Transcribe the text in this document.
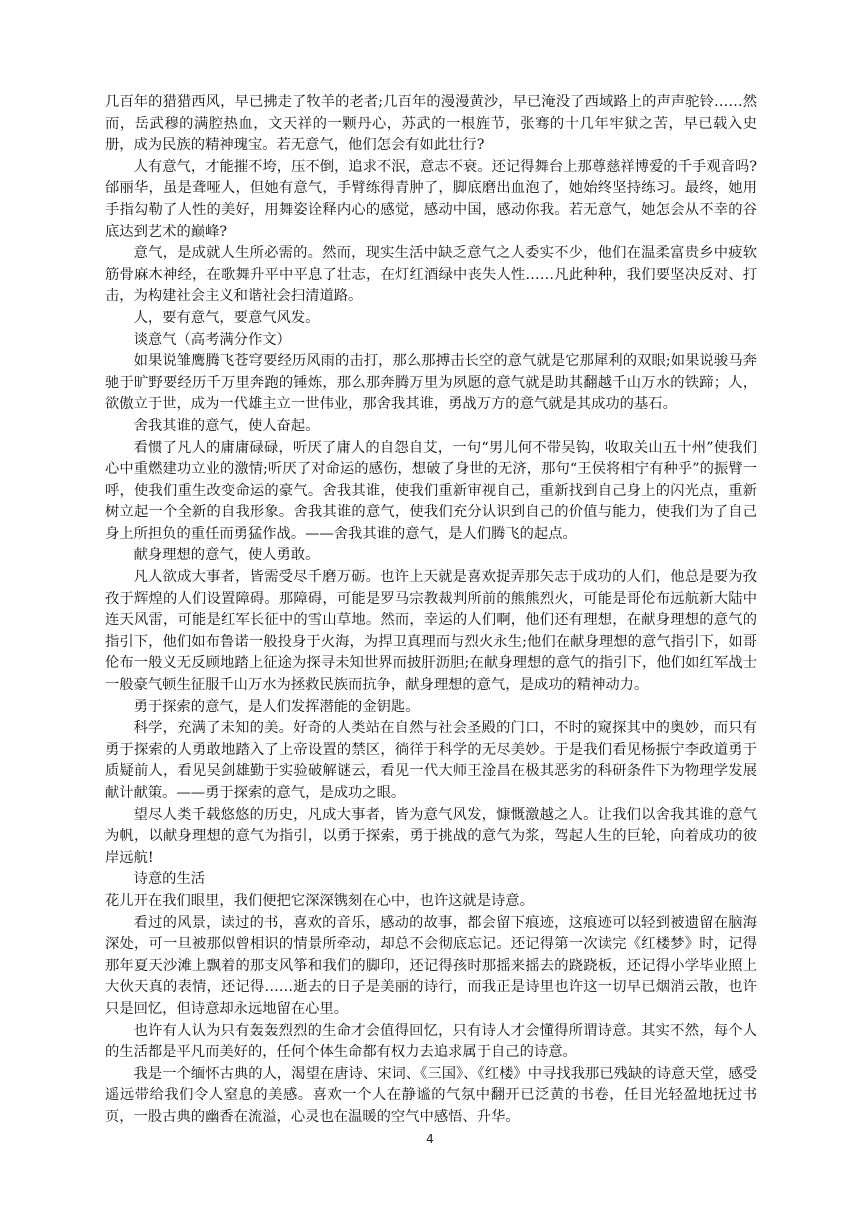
几百年的猎猎西风，早已拂走了牧羊的老者;几百年的漫漫黄沙，早已淹没了西域路上的声声驼铃……然而，岳武穆的满腔热血，文天祥的一颗丹心，苏武的一根旌节，张骞的十几年牢狱之苦，早已载入史册，成为民族的精神瑰宝。若无意气，他们怎会有如此壮行?

人有意气，才能摧不垮，压不倒，追求不泯，意志不衰。还记得舞台上那尊慈祥博爱的千手观音吗?邰丽华，虽是聋哑人，但她有意气，手臂练得青肿了，脚底磨出血泡了，她始终坚持练习。最终，她用手指勾勒了人性的美好，用舞姿诠释内心的感觉，感动中国，感动你我。若无意气，她怎会从不幸的谷底达到艺术的巅峰?

意气，是成就人生所必需的。然而，现实生活中缺乏意气之人委实不少，他们在温柔富贵乡中疲软筋骨麻木神经，在歌舞升平中平息了壮志，在灯红酒绿中丧失人性……凡此种种，我们要坚决反对、打击，为构建社会主义和谐社会扫清道路。

人，要有意气，要意气风发。

谈意气（高考满分作文）

如果说雏鹰腾飞苍穹要经历风雨的击打，那么那搏击长空的意气就是它那犀利的双眼;如果说骏马奔驰于旷野要经历千万里奔跑的锤炼，那么那奔腾万里为夙愿的意气就是助其翻越千山万水的铁蹄；人，欲傲立于世，成为一代雄主立一世伟业，那舍我其谁，勇战万方的意气就是其成功的基石。

舍我其谁的意气，使人奋起。

看惯了凡人的庸庸碌碌，听厌了庸人的自怨自艾，一句“男儿何不带吴钩，收取关山五十州”使我们心中重燃建功立业的激情;听厌了对命运的感伤，想破了身世的无济，那句“王侯将相宁有种乎”的振臂一呼，使我们重生改变命运的豪气。舍我其谁，使我们重新审视自己，重新找到自己身上的闪光点，重新树立起一个全新的自我形象。舍我其谁的意气，使我们充分认识到自己的价值与能力，使我们为了自己身上所担负的重任而勇猛作战。——舍我其谁的意气，是人们腾飞的起点。

献身理想的意气，使人勇敢。

凡人欲成大事者，皆需受尽千磨万砺。也许上天就是喜欢捉弄那矢志于成功的人们，他总是要为孜孜于辉煌的人们设置障碍。那障碍，可能是罗马宗教裁判所前的熊熊烈火，可能是哥伦布远航新大陆中连天风雷，可能是红军长征中的雪山草地。然而，幸运的人们啊，他们还有理想，在献身理想的意气的指引下，他们如布鲁诺一般投身于火海，为捍卫真理而与烈火永生;他们在献身理想的意气指引下，如哥伦布一般义无反顾地踏上征途为探寻未知世界而披肝沥胆;在献身理想的意气的指引下，他们如红军战士一般豪气顿生征服千山万水为拯救民族而抗争，献身理想的意气，是成功的精神动力。

勇于探索的意气，是人们发挥潜能的金钥匙。

科学，充满了未知的美。好奇的人类站在自然与社会圣殿的门口，不时的窥探其中的奥妙，而只有勇于探索的人勇敢地踏入了上帝设置的禁区，徜徉于科学的无尽美妙。于是我们看见杨振宁李政道勇于质疑前人，看见吴剑雄勤于实验破解谜云，看见一代大师王淦昌在极其恶劣的科研条件下为物理学发展献计献策。——勇于探索的意气，是成功之眼。

望尽人类千载悠悠的历史，凡成大事者，皆为意气风发，慷慨激越之人。让我们以舍我其谁的意气为帆，以献身理想的意气为指引，以勇于探索，勇于挑战的意气为浆，驾起人生的巨轮，向着成功的彼岸远航!

诗意的生活

花儿开在我们眼里，我们便把它深深镌刻在心中，也许这就是诗意。

看过的风景，读过的书，喜欢的音乐，感动的故事，都会留下痕迹，这痕迹可以轻到被遗留在脑海深处，可一旦被那似曾相识的情景所牵动，却总不会彻底忘记。还记得第一次读完《红楼梦》时，记得那年夏天沙滩上飘着的那支风筝和我们的脚印，还记得孩时那摇来摇去的跷跷板，还记得小学毕业照上大伙天真的表情，还记得……逝去的日子是美丽的诗行，而我正是诗里也许这一切早已烟消云散，也许只是回忆，但诗意却永远地留在心里。

也许有人认为只有轰轰烈烈的生命才会值得回忆，只有诗人才会懂得所谓诗意。其实不然，每个人的生活都是平凡而美好的，任何个体生命都有权力去追求属于自己的诗意。

我是一个缅怀古典的人，渴望在唐诗、宋词、《三国》、《红楼》中寻找我那已残缺的诗意天堂，感受遥远带给我们令人窒息的美感。喜欢一个人在静谧的气氛中翻开已泛黄的书卷，任目光轻盈地抚过书页，一股古典的幽香在流溢，心灵也在温暖的空气中感悟、升华。

4
